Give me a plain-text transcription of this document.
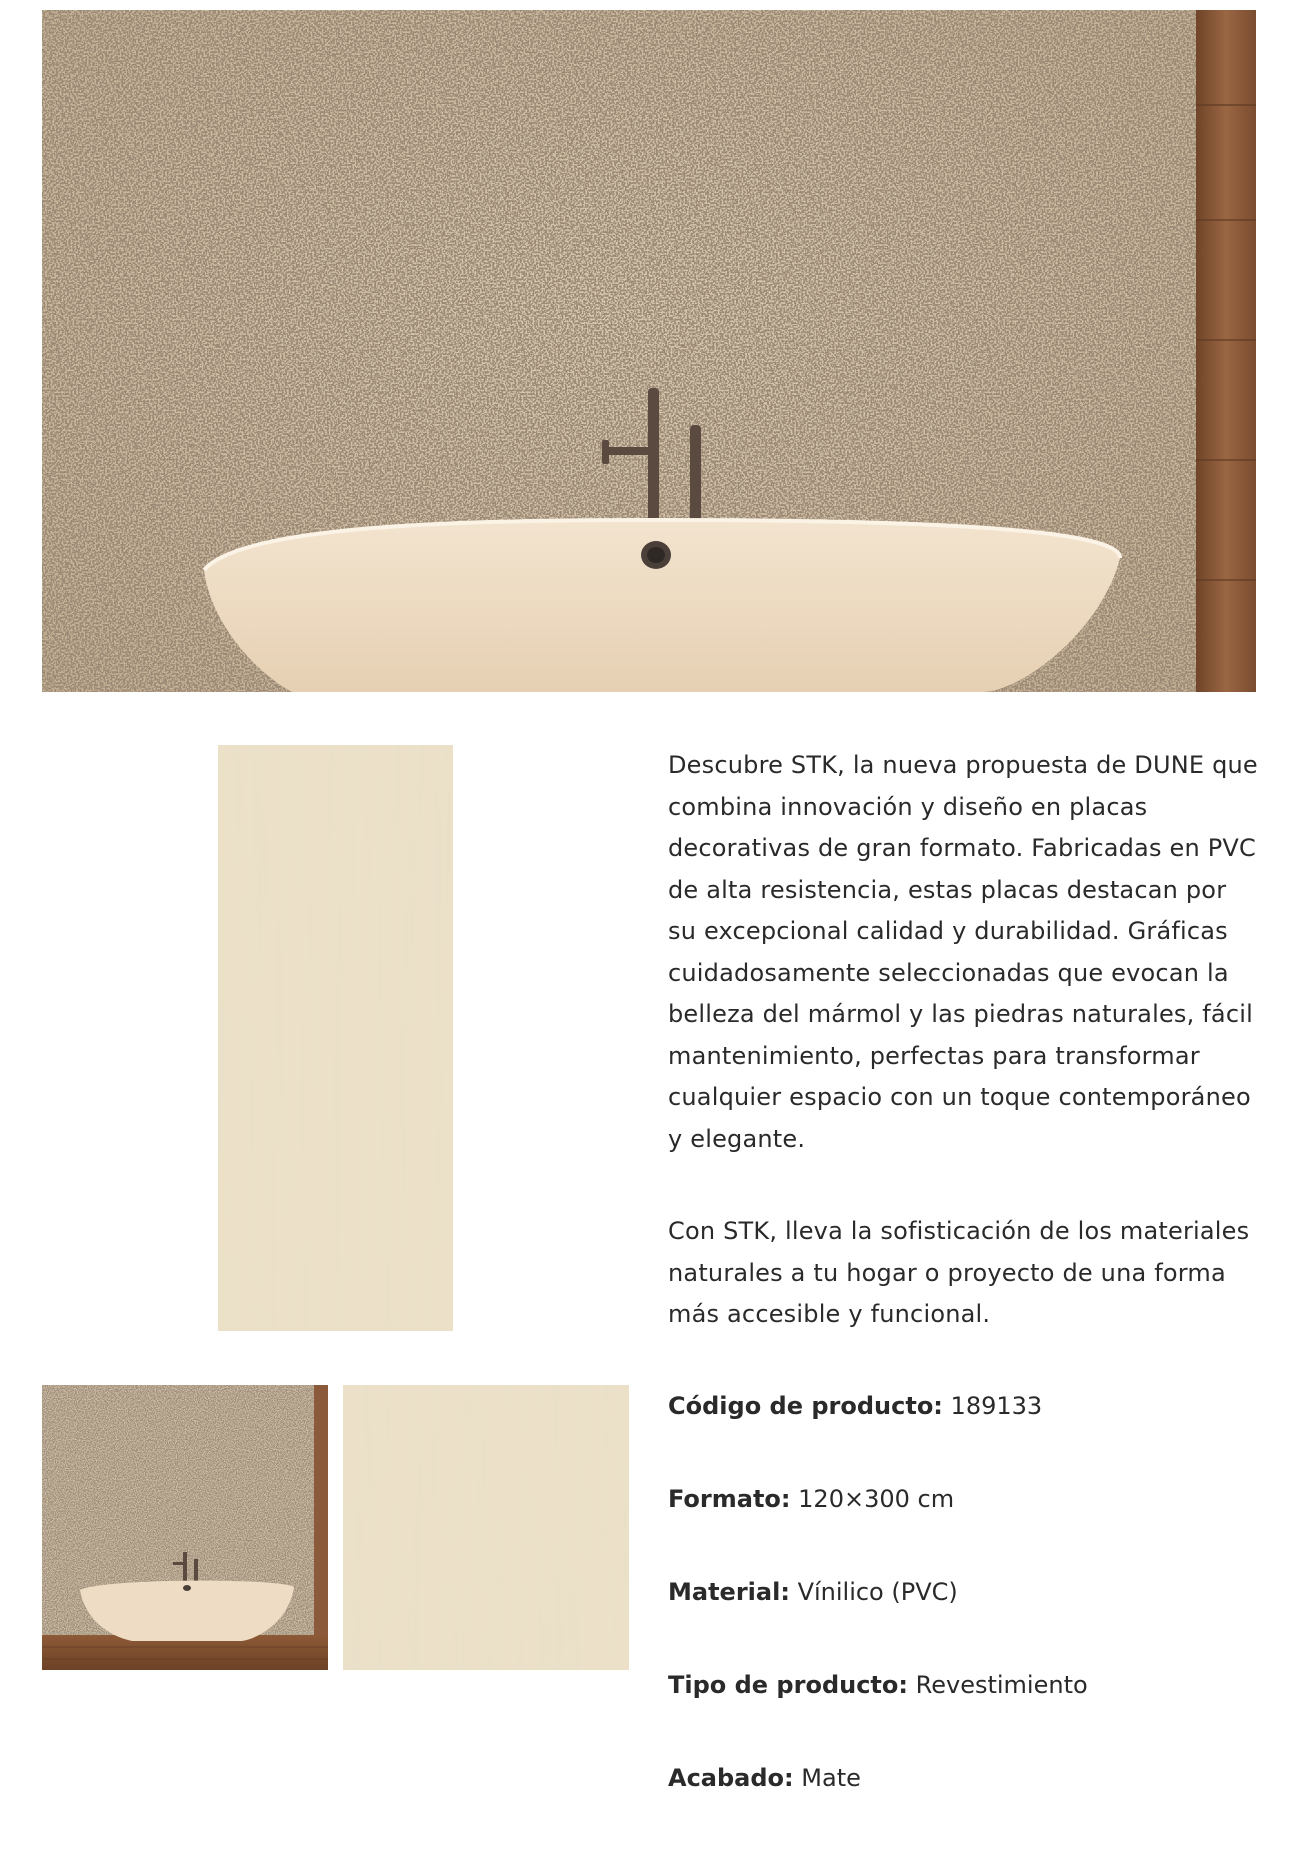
Descubre STK, la nueva propuesta de DUNE que combina innovación y diseño en placas decorativas de gran formato. Fabricadas en PVC de alta resistencia, estas placas destacan por su excepcional calidad y durabilidad. Gráficas cuidadosamente seleccionadas que evocan la belleza del mármol y las piedras naturales, fácil mantenimiento, perfectas para transformar cualquier espacio con un toque contemporáneo y elegante.

Con STK, lleva la sofisticación de los materiales naturales a tu hogar o proyecto de una forma más accesible y funcional.

Código de producto: 189133
Formato: 120×300 cm
Material: Vínilico (PVC)
Tipo de producto: Revestimiento
Acabado: Mate
